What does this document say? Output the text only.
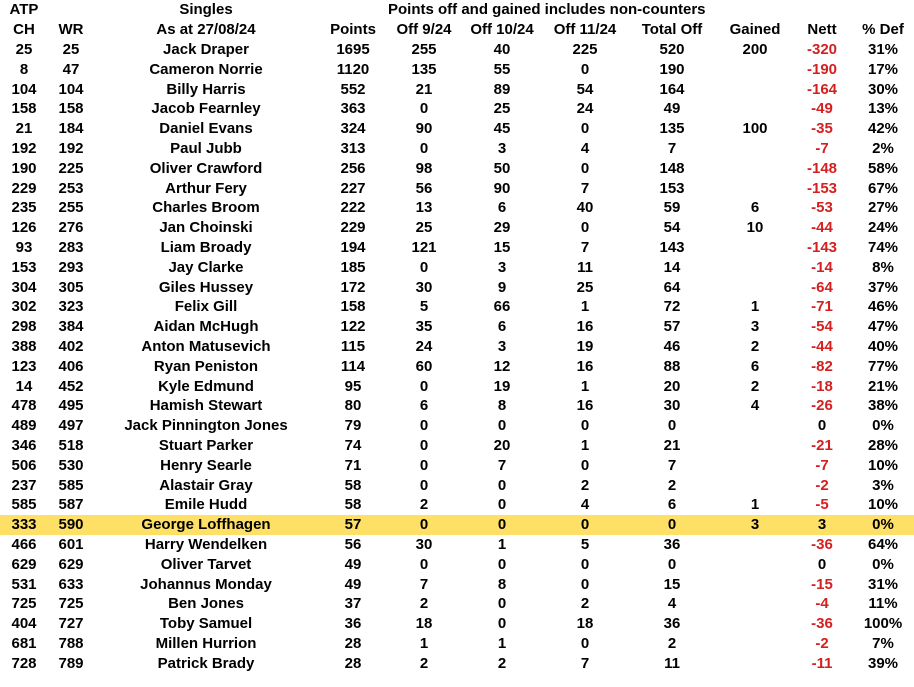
ATP		Singles		Points off and gained includes non-counters						
CH	WR	As at 27/08/24	Points	Off 9/24	Off 10/24	Off 11/24	Total Off	Gained	Nett	% Def
25	25	Jack Draper	1695	255	40	225	520	200	-320	31%
8	47	Cameron Norrie	1120	135	55	0	190		-190	17%
104	104	Billy Harris	552	21	89	54	164		-164	30%
158	158	Jacob Fearnley	363	0	25	24	49		-49	13%
21	184	Daniel Evans	324	90	45	0	135	100	-35	42%
192	192	Paul Jubb	313	0	3	4	7		-7	2%
190	225	Oliver Crawford	256	98	50	0	148		-148	58%
229	253	Arthur Fery	227	56	90	7	153		-153	67%
235	255	Charles Broom	222	13	6	40	59	6	-53	27%
126	276	Jan Choinski	229	25	29	0	54	10	-44	24%
93	283	Liam Broady	194	121	15	7	143		-143	74%
153	293	Jay Clarke	185	0	3	11	14		-14	8%
304	305	Giles Hussey	172	30	9	25	64		-64	37%
302	323	Felix Gill	158	5	66	1	72	1	-71	46%
298	384	Aidan McHugh	122	35	6	16	57	3	-54	47%
388	402	Anton Matusevich	115	24	3	19	46	2	-44	40%
123	406	Ryan Peniston	114	60	12	16	88	6	-82	77%
14	452	Kyle Edmund	95	0	19	1	20	2	-18	21%
478	495	Hamish Stewart	80	6	8	16	30	4	-26	38%
489	497	Jack Pinnington Jones	79	0	0	0	0		0	0%
346	518	Stuart Parker	74	0	20	1	21		-21	28%
506	530	Henry Searle	71	0	7	0	7		-7	10%
237	585	Alastair Gray	58	0	0	2	2		-2	3%
585	587	Emile Hudd	58	2	0	4	6	1	-5	10%
333	590	George Loffhagen	57	0	0	0	0	3	3	0%
466	601	Harry Wendelken	56	30	1	5	36		-36	64%
629	629	Oliver Tarvet	49	0	0	0	0		0	0%
531	633	Johannus Monday	49	7	8	0	15		-15	31%
725	725	Ben Jones	37	2	0	2	4		-4	11%
404	727	Toby Samuel	36	18	0	18	36		-36	100%
681	788	Millen Hurrion	28	1	1	0	2		-2	7%
728	789	Patrick Brady	28	2	2	7	11		-11	39%
